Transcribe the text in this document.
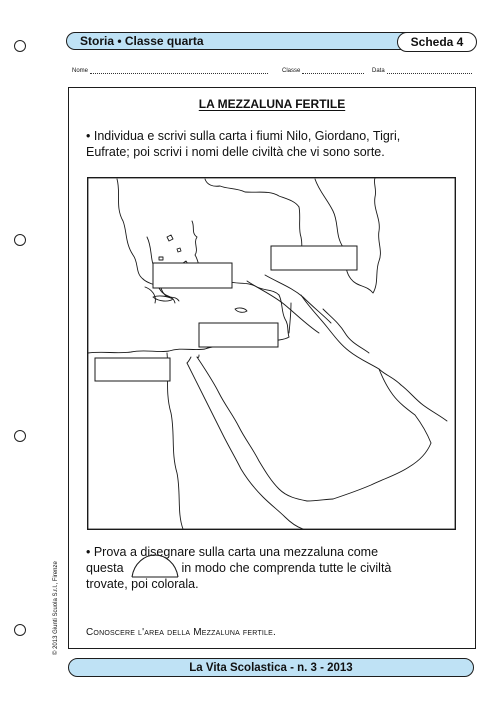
Storia • Classe quarta	Scheda 4
Nome	Classe	Data
LA MEZZALUNA FERTILE
• Individua e scrivi sulla carta i fiumi Nilo, Giordano, Tigri,
Eufrate; poi scrivi i nomi delle civiltà che vi sono sorte.
• Prova a disegnare sulla carta una mezzaluna come
questa	in modo che comprenda tutte le civiltà
trovate, poi colorala.
Conoscere l'area della Mezzaluna fertile.
© 2013 Giunti Scuola S.r.l., Firenze
La Vita Scolastica - n. 3 - 2013
